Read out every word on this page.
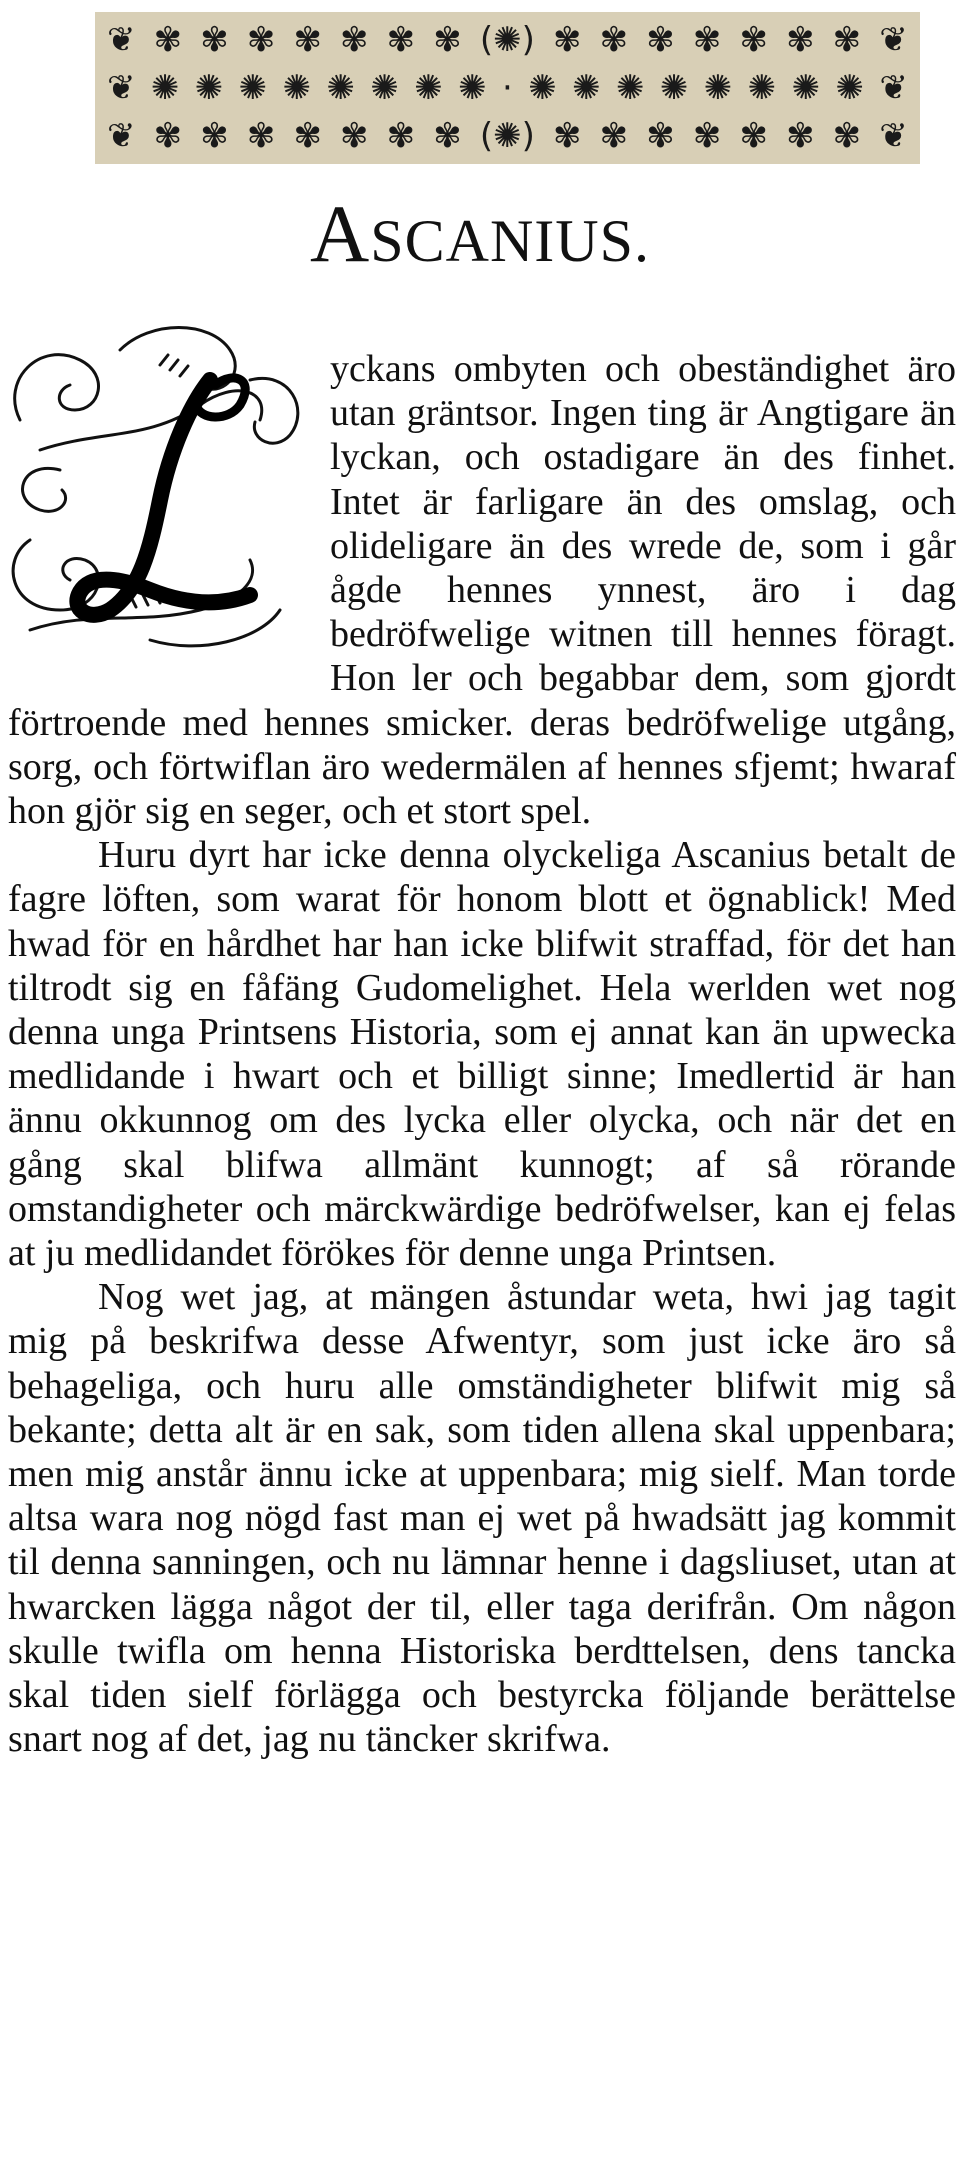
❦ ✾ ✾ ✾ ✾ ✾ ✾ ✾ (✺) ✾ ✾ ✾ ✾ ✾ ✾ ✾ ❦
❦ ✺ ✺ ✺ ✺ ✺ ✺ ✺ ✺ · ✺ ✺ ✺ ✺ ✺ ✺ ✺ ✺ ❦
❦ ✾ ✾ ✾ ✾ ✾ ✾ ✾ (✺) ✾ ✾ ✾ ✾ ✾ ✾ ✾ ❦
ASCANIUS.

yckans ombyten och obeständighet äro utan gräntsor. Ingen ting är Angtigare än lyckan, och ostadigare än des finhet. Intet är farligare än des omslag, och olideligare än des wrede de, som i går ågde hennes ynnest, äro i dag bedröfwelige witnen till hennes föragt. Hon ler och begabbar dem, som gjordt förtroende med hennes smicker. deras bedröfwelige utgång, sorg, och förtwiflan äro wedermälen af hennes sfjemt; hwaraf hon gjör sig en seger, och et stort spel.

Huru dyrt har icke denna olyckeliga Ascanius betalt de fagre löften, som warat för honom blott et ögnablick! Med hwad för en hårdhet har han icke blifwit straffad, för det han tiltrodt sig en fåfäng Gudomelighet. Hela werlden wet nog denna unga Printsens Historia, som ej annat kan än upwecka medlidande i hwart och et billigt sinne; Imedlertid är han ännu okkunnog om des lycka eller olycka, och när det en gång skal blifwa allmänt kunnogt; af så rörande omstandigheter och märckwärdige bedröfwelser, kan ej felas at ju medlidandet förökes för denne unga Printsen.

Nog wet jag, at mängen åstundar weta, hwi jag tagit mig på beskrifwa desse Afwentyr, som just icke äro så behageliga, och huru alle omständigheter blifwit mig så bekante; detta alt är en sak, som tiden allena skal uppenbara; men mig anstår ännu icke at uppenbara; mig sielf. Man torde altsa wara nog nögd fast man ej wet på hwadsätt jag kommit til denna sanningen, och nu lämnar henne i dagsliuset, utan at hwarcken lägga något der til, eller taga derifrån. Om någon skulle twifla om henna Historiska berdttelsen, dens tancka skal tiden sielf förlägga och bestyrcka följande berättelse snart nog af det, jag nu täncker skrifwa.
